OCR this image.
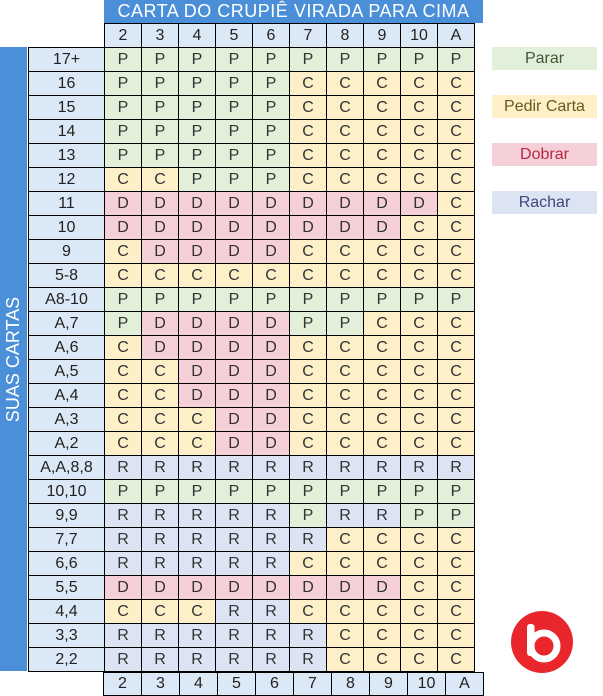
CARTA DO CRUPIÊ VIRADA PARA CIMA
SUAS CARTAS
	2	3	4	5	6	7	8	9	10	A
17+	P	P	P	P	P	P	P	P	P	P
16	P	P	P	P	P	C	C	C	C	C
15	P	P	P	P	P	C	C	C	C	C
14	P	P	P	P	P	C	C	C	C	C
13	P	P	P	P	P	C	C	C	C	C
12	C	C	P	P	P	C	C	C	C	C
11	D	D	D	D	D	D	D	D	D	C
10	D	D	D	D	D	D	D	D	C	C
9	C	D	D	D	D	C	C	C	C	C
5-8	C	C	C	C	C	C	C	C	C	C
A8-10	P	P	P	P	P	P	P	P	P	P
A,7	P	D	D	D	D	P	P	C	C	C
A,6	C	D	D	D	D	C	C	C	C	C
A,5	C	C	D	D	D	C	C	C	C	C
A,4	C	C	D	D	D	C	C	C	C	C
A,3	C	C	C	D	D	C	C	C	C	C
A,2	C	C	C	D	D	C	C	C	C	C
A,A,8,8	R	R	R	R	R	R	R	R	R	R
10,10	P	P	P	P	P	P	P	P	P	P
9,9	R	R	R	R	R	P	R	R	P	P
7,7	R	R	R	R	R	R	C	C	C	C
6,6	R	R	R	R	R	C	C	C	C	C
5,5	D	D	D	D	D	D	D	D	C	C
4,4	C	C	C	R	R	C	C	C	C	C
3,3	R	R	R	R	R	R	C	C	C	C
2,2	R	R	R	R	R	R	C	C	C	C
2	3	4	5	6	7	8	9	10	A
Parar
Pedir Carta
Dobrar
Rachar
